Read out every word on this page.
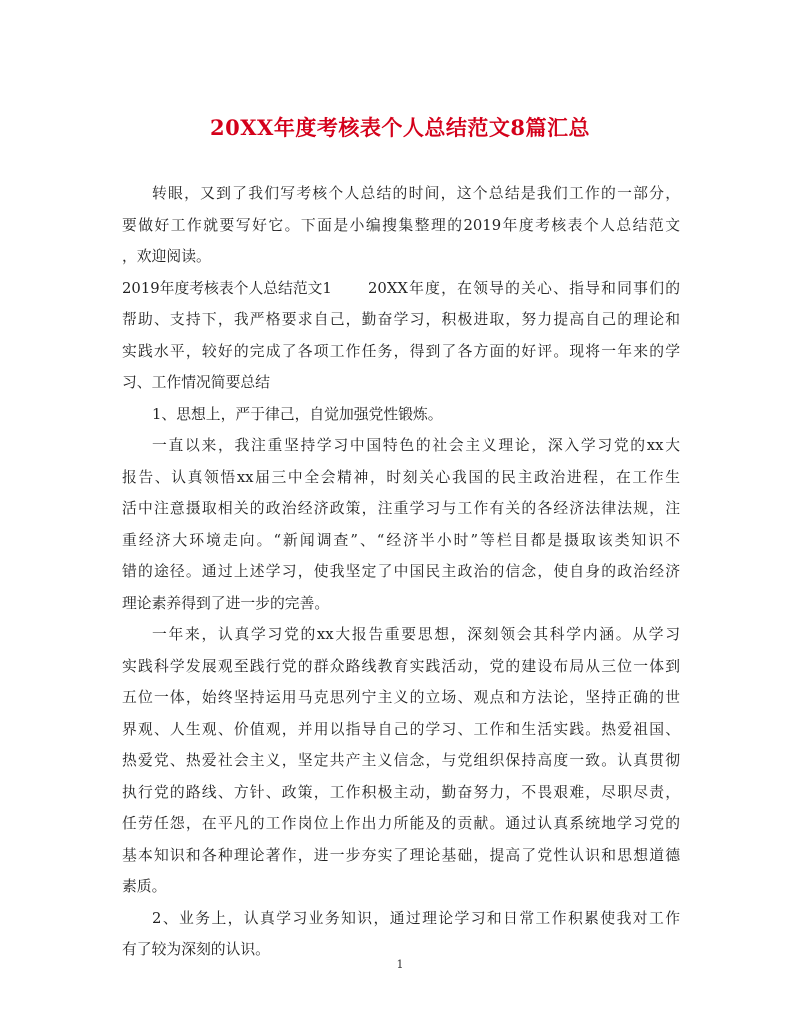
20XX年度考核表个人总结范文8篇汇总
转眼，又到了我们写考核个人总结的时间，这个总结是我们工作的一部分，
要做好工作就要写好它。下面是小编搜集整理的2019年度考核表个人总结范文
，欢迎阅读。
2019年度考核表个人总结范文1	20XX年度，在领导的关心、指导和同事们的
帮助、支持下，我严格要求自己，勤奋学习，积极进取，努力提高自己的理论和
实践水平，较好的完成了各项工作任务，得到了各方面的好评。现将一年来的学
习、工作情况简要总结
1、思想上，严于律己，自觉加强党性锻炼。
一直以来，我注重坚持学习中国特色的社会主义理论，深入学习党的xx大
报告、认真领悟xx届三中全会精神，时刻关心我国的民主政治进程，在工作生
活中注意摄取相关的政治经济政策，注重学习与工作有关的各经济法律法规，注
重经济大环境走向。“新闻调查”、“经济半小时”等栏目都是摄取该类知识不
错的途径。通过上述学习，使我坚定了中国民主政治的信念，使自身的政治经济
理论素养得到了进一步的完善。
一年来，认真学习党的xx大报告重要思想，深刻领会其科学内涵。从学习
实践科学发展观至践行党的群众路线教育实践活动，党的建设布局从三位一体到
五位一体，始终坚持运用马克思列宁主义的立场、观点和方法论，坚持正确的世
界观、人生观、价值观，并用以指导自己的学习、工作和生活实践。热爱祖国、
热爱党、热爱社会主义，坚定共产主义信念，与党组织保持高度一致。认真贯彻
执行党的路线、方针、政策，工作积极主动，勤奋努力，不畏艰难，尽职尽责，
任劳任怨，在平凡的工作岗位上作出力所能及的贡献。通过认真系统地学习党的
基本知识和各种理论著作，进一步夯实了理论基础，提高了党性认识和思想道德
素质。
2、业务上，认真学习业务知识，通过理论学习和日常工作积累使我对工作
有了较为深刻的认识。
1
